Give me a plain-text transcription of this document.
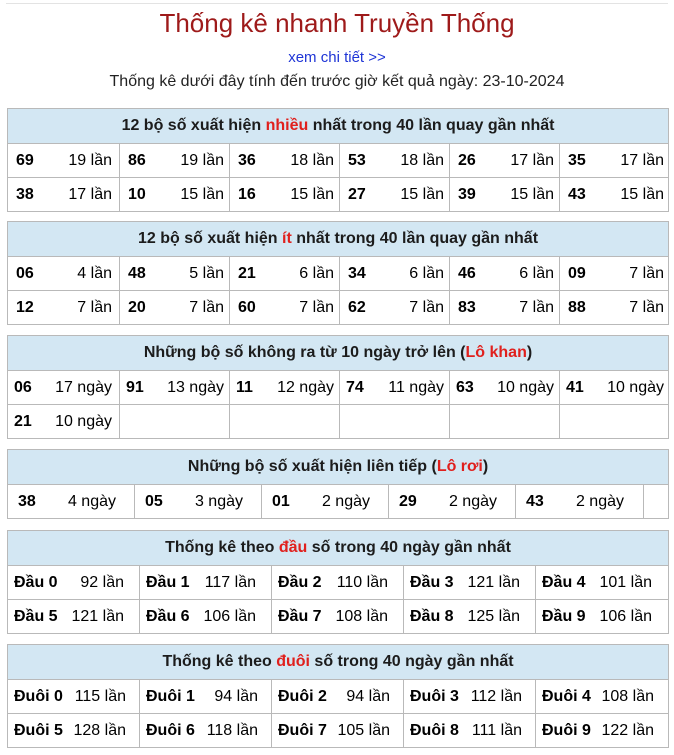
Thống kê nhanh Truyền Thống
xem chi tiết >>
Thống kê dưới đây tính đến trước giờ kết quả ngày: 23-10-2024
12 bộ số xuất hiện nhiều nhất trong 40 lần quay gần nhất					
69 19 lần	86 19 lần	36 18 lần	53 18 lần	26 17 lần	35 17 lần
38 17 lần	10 15 lần	16 15 lần	27 15 lần	39 15 lần	43 15 lần
12 bộ số xuất hiện ít nhất trong 40 lần quay gần nhất					
06 4 lần	48 5 lần	21 6 lần	34 6 lần	46 6 lần	09 7 lần
12 7 lần	20 7 lần	60 7 lần	62 7 lần	83 7 lần	88 7 lần
Những bộ số không ra từ 10 ngày trở lên (Lô khan)					
06 17 ngày	91 13 ngày	11 12 ngày	74 11 ngày	63 10 ngày	41 10 ngày
21 10 ngày					
Những bộ số xuất hiện liên tiếp (Lô rơi)
38 4 ngày	05 3 ngày	01 2 ngày	29 2 ngày	43 2 ngày	
Thống kê theo đầu số trong 40 ngày gần nhất				
Đầu 0 92 lần	Đầu 1 117 lần	Đầu 2 110 lần	Đầu 3 121 lần	Đầu 4 101 lần
Đầu 5 121 lần	Đầu 6 106 lần	Đầu 7 108 lần	Đầu 8 125 lần	Đầu 9 106 lần
Thống kê theo đuôi số trong 40 ngày gần nhất				
Đuôi 0 115 lần	Đuôi 1 94 lần	Đuôi 2 94 lần	Đuôi 3 112 lần	Đuôi 4 108 lần
Đuôi 5 128 lần	Đuôi 6 118 lần	Đuôi 7 105 lần	Đuôi 8 111 lần	Đuôi 9 122 lần
